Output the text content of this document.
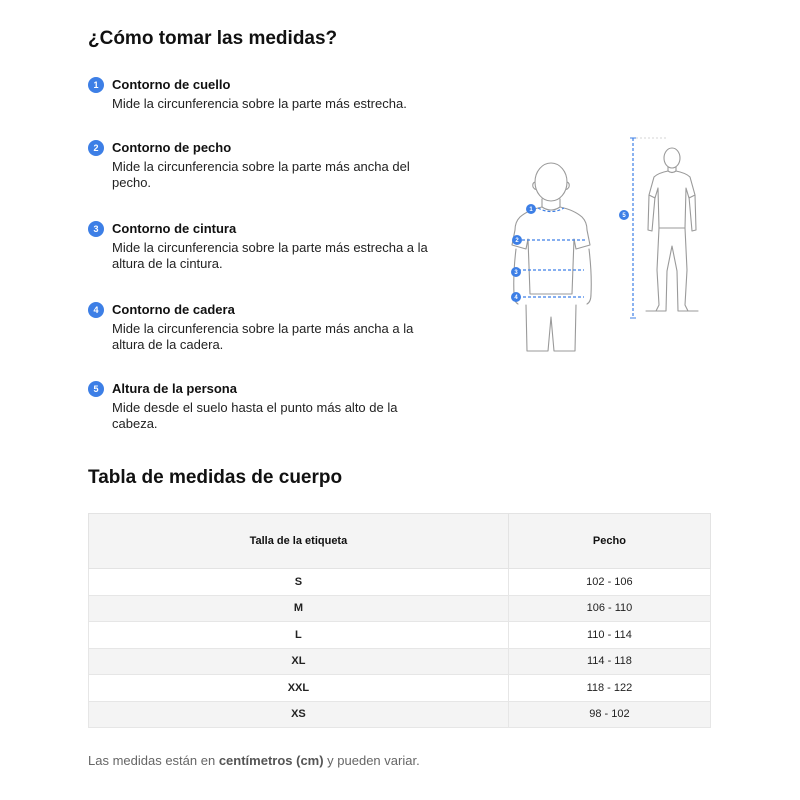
¿Cómo tomar las medidas?
1	Contorno de cuello
Mide la circunferencia sobre la parte más estrecha.
2	Contorno de pecho
Mide la circunferencia sobre la parte más ancha del pecho.
3	Contorno de cintura
Mide la circunferencia sobre la parte más estrecha a la altura de la cintura.
4	Contorno de cadera
Mide la circunferencia sobre la parte más ancha a la altura de la cadera.
5	Altura de la persona
Mide desde el suelo hasta el punto más alto de la cabeza.
1
2
3
4
5
Tabla de medidas de cuerpo
Talla de la etiqueta	Pecho
S	102 - 106
M	106 - 110
L	110 - 114
XL	114 - 118
XXL	118 - 122
XS	98 - 102

Las medidas están en centímetros (cm) y pueden variar.
